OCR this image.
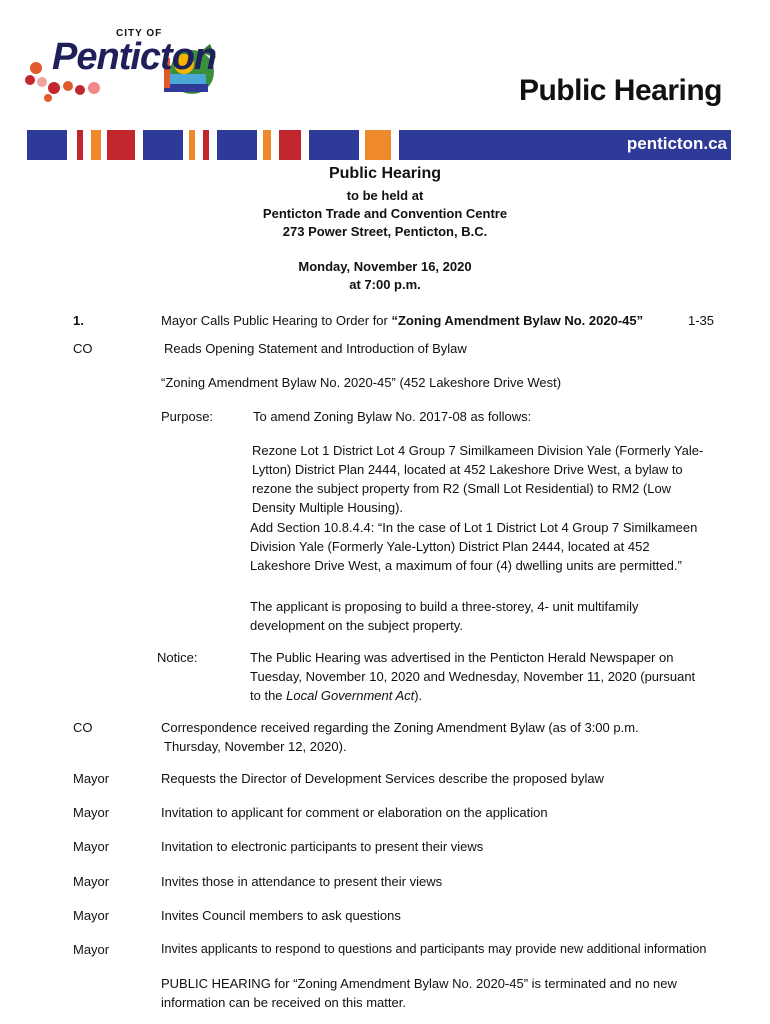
CITY OF
Penticton
Public Hearing
penticton.ca
Public Hearing
to be held at
Penticton Trade and Convention Centre
273 Power Street, Penticton, B.C.
Monday, November 16, 2020
at 7:00 p.m.
1.	Mayor Calls Public Hearing to Order for “Zoning Amendment Bylaw No. 2020-45”	1-35
CO	Reads Opening Statement and Introduction of Bylaw
“Zoning Amendment Bylaw No. 2020-45” (452 Lakeshore Drive West)
Purpose:	To amend Zoning Bylaw No. 2017-08 as follows:
Rezone Lot 1 District Lot 4 Group 7 Similkameen Division Yale (Formerly Yale-
Lytton) District Plan 2444, located at 452 Lakeshore Drive West, a bylaw to
rezone the subject property from R2 (Small Lot Residential) to RM2 (Low
Density Multiple Housing).
Add Section 10.8.4.4: “In the case of Lot 1 District Lot 4 Group 7 Similkameen
Division Yale (Formerly Yale-Lytton) District Plan 2444, located at 452
Lakeshore Drive West, a maximum of four (4) dwelling units are permitted.”
The applicant is proposing to build a three-storey, 4- unit multifamily
development on the subject property.
Notice:	The Public Hearing was advertised in the Penticton Herald Newspaper on
Tuesday, November 10, 2020 and Wednesday, November 11, 2020 (pursuant
to the Local Government Act).
CO	Correspondence received regarding the Zoning Amendment Bylaw (as of 3:00 p.m.
Thursday, November 12, 2020).
Mayor	Requests the Director of Development Services describe the proposed bylaw
Mayor	Invitation to applicant for comment or elaboration on the application
Mayor	Invitation to electronic participants to present their views
Mayor	Invites those in attendance to present their views
Mayor	Invites Council members to ask questions
Mayor	Invites applicants to respond to questions and participants may provide new additional information
PUBLIC HEARING for “Zoning Amendment Bylaw No. 2020-45” is terminated and no new
information can be received on this matter.
